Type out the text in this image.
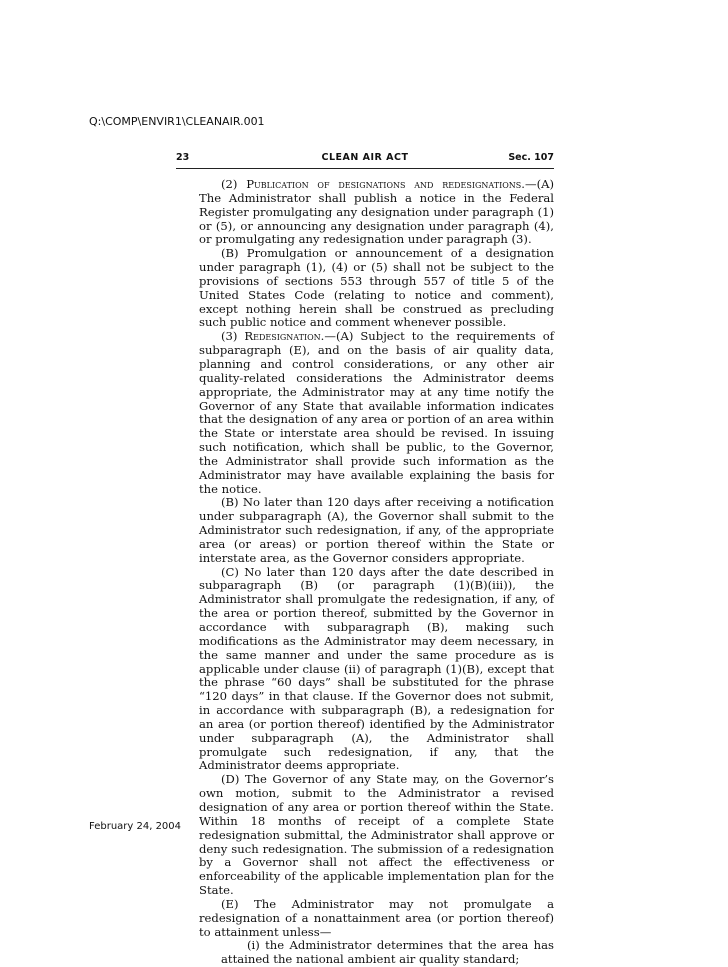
Q:\COMP\ENVIR1\CLEANAIR.001
23	CLEAN AIR ACT	Sec. 107

(2) Publication of designations and redesignations.—(A) The Administrator shall publish a notice in the Federal Register promulgating any designation under paragraph (1) or (5), or announcing any designation under paragraph (4), or promulgating any redesignation under paragraph (3).

(B) Promulgation or announcement of a designation under paragraph (1), (4) or (5) shall not be subject to the provisions of sections 553 through 557 of title 5 of the United States Code (relating to notice and comment), except nothing herein shall be construed as precluding such public notice and comment whenever possible.

(3) Redesignation.—(A) Subject to the requirements of subparagraph (E), and on the basis of air quality data, planning and control considerations, or any other air quality-related considerations the Administrator deems appropriate, the Administrator may at any time notify the Governor of any State that available information indicates that the designation of any area or portion of an area within the State or interstate area should be revised. In issuing such notification, which shall be public, to the Governor, the Administrator shall provide such information as the Administrator may have available explaining the basis for the notice.

(B) No later than 120 days after receiving a notification under subparagraph (A), the Governor shall submit to the Administrator such redesignation, if any, of the appropriate area (or areas) or portion thereof within the State or interstate area, as the Governor considers appropriate.

(C) No later than 120 days after the date described in subparagraph (B) (or paragraph (1)(B)(iii)), the Administrator shall promulgate the redesignation, if any, of the area or portion thereof, submitted by the Governor in accordance with subparagraph (B), making such modifications as the Administrator may deem necessary, in the same manner and under the same procedure as is applicable under clause (ii) of paragraph (1)(B), except that the phrase “60 days” shall be substituted for the phrase “120 days” in that clause. If the Governor does not submit, in accordance with subparagraph (B), a redesignation for an area (or portion thereof) identified by the Administrator under subparagraph (A), the Administrator shall promulgate such redesignation, if any, that the Administrator deems appropriate.

(D) The Governor of any State may, on the Governor’s own motion, submit to the Administrator a revised designation of any area or portion thereof within the State. Within 18 months of receipt of a complete State redesignation submittal, the Administrator shall approve or deny such redesignation. The submission of a redesignation by a Governor shall not affect the effectiveness or enforceability of the applicable implementation plan for the State.

(E) The Administrator may not promulgate a redesignation of a nonattainment area (or portion thereof) to attainment unless—

(i) the Administrator determines that the area has attained the national ambient air quality standard;

February 24, 2004
